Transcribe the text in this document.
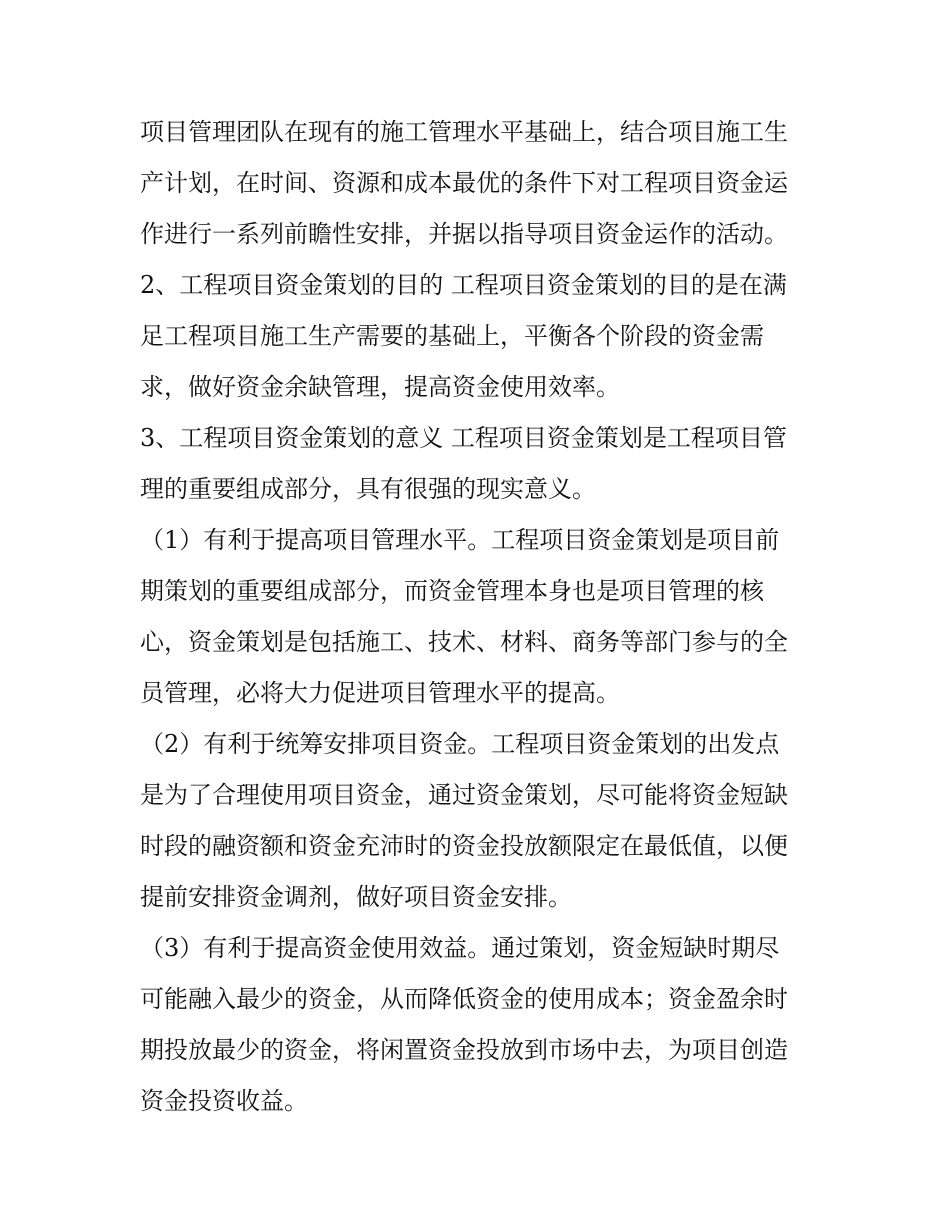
项目管理团队在现有的施工管理水平基础上，结合项目施工生
产计划，在时间、资源和成本最优的条件下对工程项目资金运
作进行一系列前瞻性安排，并据以指导项目资金运作的活动。
2、工程项目资金策划的目的 工程项目资金策划的目的是在满
足工程项目施工生产需要的基础上，平衡各个阶段的资金需
求，做好资金余缺管理，提高资金使用效率。
3、工程项目资金策划的意义 工程项目资金策划是工程项目管
理的重要组成部分，具有很强的现实意义。
（1）有利于提高项目管理水平。工程项目资金策划是项目前
期策划的重要组成部分，而资金管理本身也是项目管理的核
心，资金策划是包括施工、技术、材料、商务等部门参与的全
员管理，必将大力促进项目管理水平的提高。
（2）有利于统筹安排项目资金。工程项目资金策划的出发点
是为了合理使用项目资金，通过资金策划，尽可能将资金短缺
时段的融资额和资金充沛时的资金投放额限定在最低值，以便
提前安排资金调剂，做好项目资金安排。
（3）有利于提高资金使用效益。通过策划，资金短缺时期尽
可能融入最少的资金，从而降低资金的使用成本；资金盈余时
期投放最少的资金，将闲置资金投放到市场中去，为项目创造
资金投资收益。
